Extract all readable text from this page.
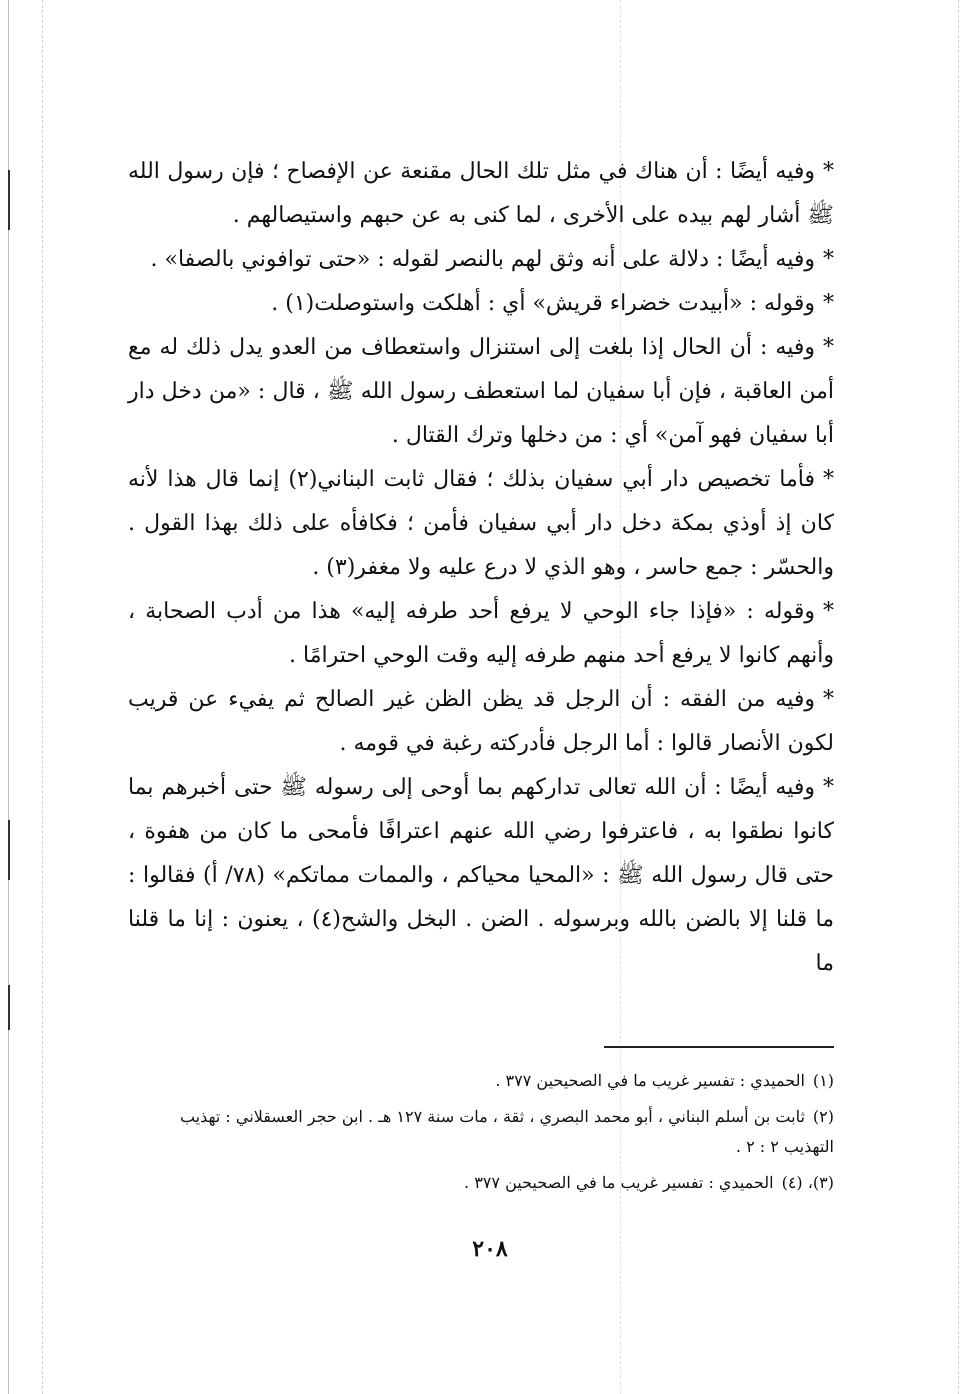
*وفيه أيضًا : أن هناك في مثل تلك الحال مقنعة عن الإفصاح ؛ فإن رسول الله ﷺ أشار لهم بيده على الأخرى ، لما كنى به عن حبهم واستيصالهم .

*وفيه أيضًا : دلالة على أنه وثق لهم بالنصر لقوله : «حتى توافوني بالصفا» .

*وقوله : «أبيدت خضراء قريش» أي : أهلكت واستوصلت(١) .

*وفيه : أن الحال إذا بلغت إلى استنزال واستعطاف من العدو يدل ذلك له مع أمن العاقبة ، فإن أبا سفيان لما استعطف رسول الله ﷺ ، قال : «من دخل دار أبا سفيان فهو آمن» أي : من دخلها وترك القتال .

*فأما تخصيص دار أبي سفيان بذلك ؛ فقال ثابت البناني(٢) إنما قال هذا لأنه كان إذ أوذي بمكة دخل دار أبي سفيان فأمن ؛ فكافأه على ذلك بهذا القول . والحسّر : جمع حاسر ، وهو الذي لا درع عليه ولا مغفر(٣) .

*وقوله : «فإذا جاء الوحي لا يرفع أحد طرفه إليه» هذا من أدب الصحابة ، وأنهم كانوا لا يرفع أحد منهم طرفه إليه وقت الوحي احترامًا .

*وفيه من الفقه : أن الرجل قد يظن الظن غير الصالح ثم يفيء عن قريب لكون الأنصار قالوا : أما الرجل فأدركته رغبة في قومه .

*وفيه أيضًا : أن الله تعالى تداركهم بما أوحى إلى رسوله ﷺ حتى أخبرهم بما كانوا نطقوا به ، فاعترفوا رضي الله عنهم اعترافًا فأمحى ما كان من هفوة ، حتى قال رسول الله ﷺ : «المحيا محياكم ، والممات مماتكم» (٧٨/ أ) فقالوا : ما قلنا إلا بالضن بالله وبرسوله . الضن . البخل والشح(٤) ، يعنون : إنا ما قلنا ما

(١)الحميدي : تفسير غريب ما في الصحيحين ٣٧٧ .

(٢)ثابت بن أسلم البناني ، أبو محمد البصري ، ثقة ، مات سنة ١٢٧ هـ . ابن حجر العسقلاني : تهذيب التهذيب ٢ : ٢ .

(٣)، (٤)الحميدي : تفسير غريب ما في الصحيحين ٣٧٧ .

٢٠٨
